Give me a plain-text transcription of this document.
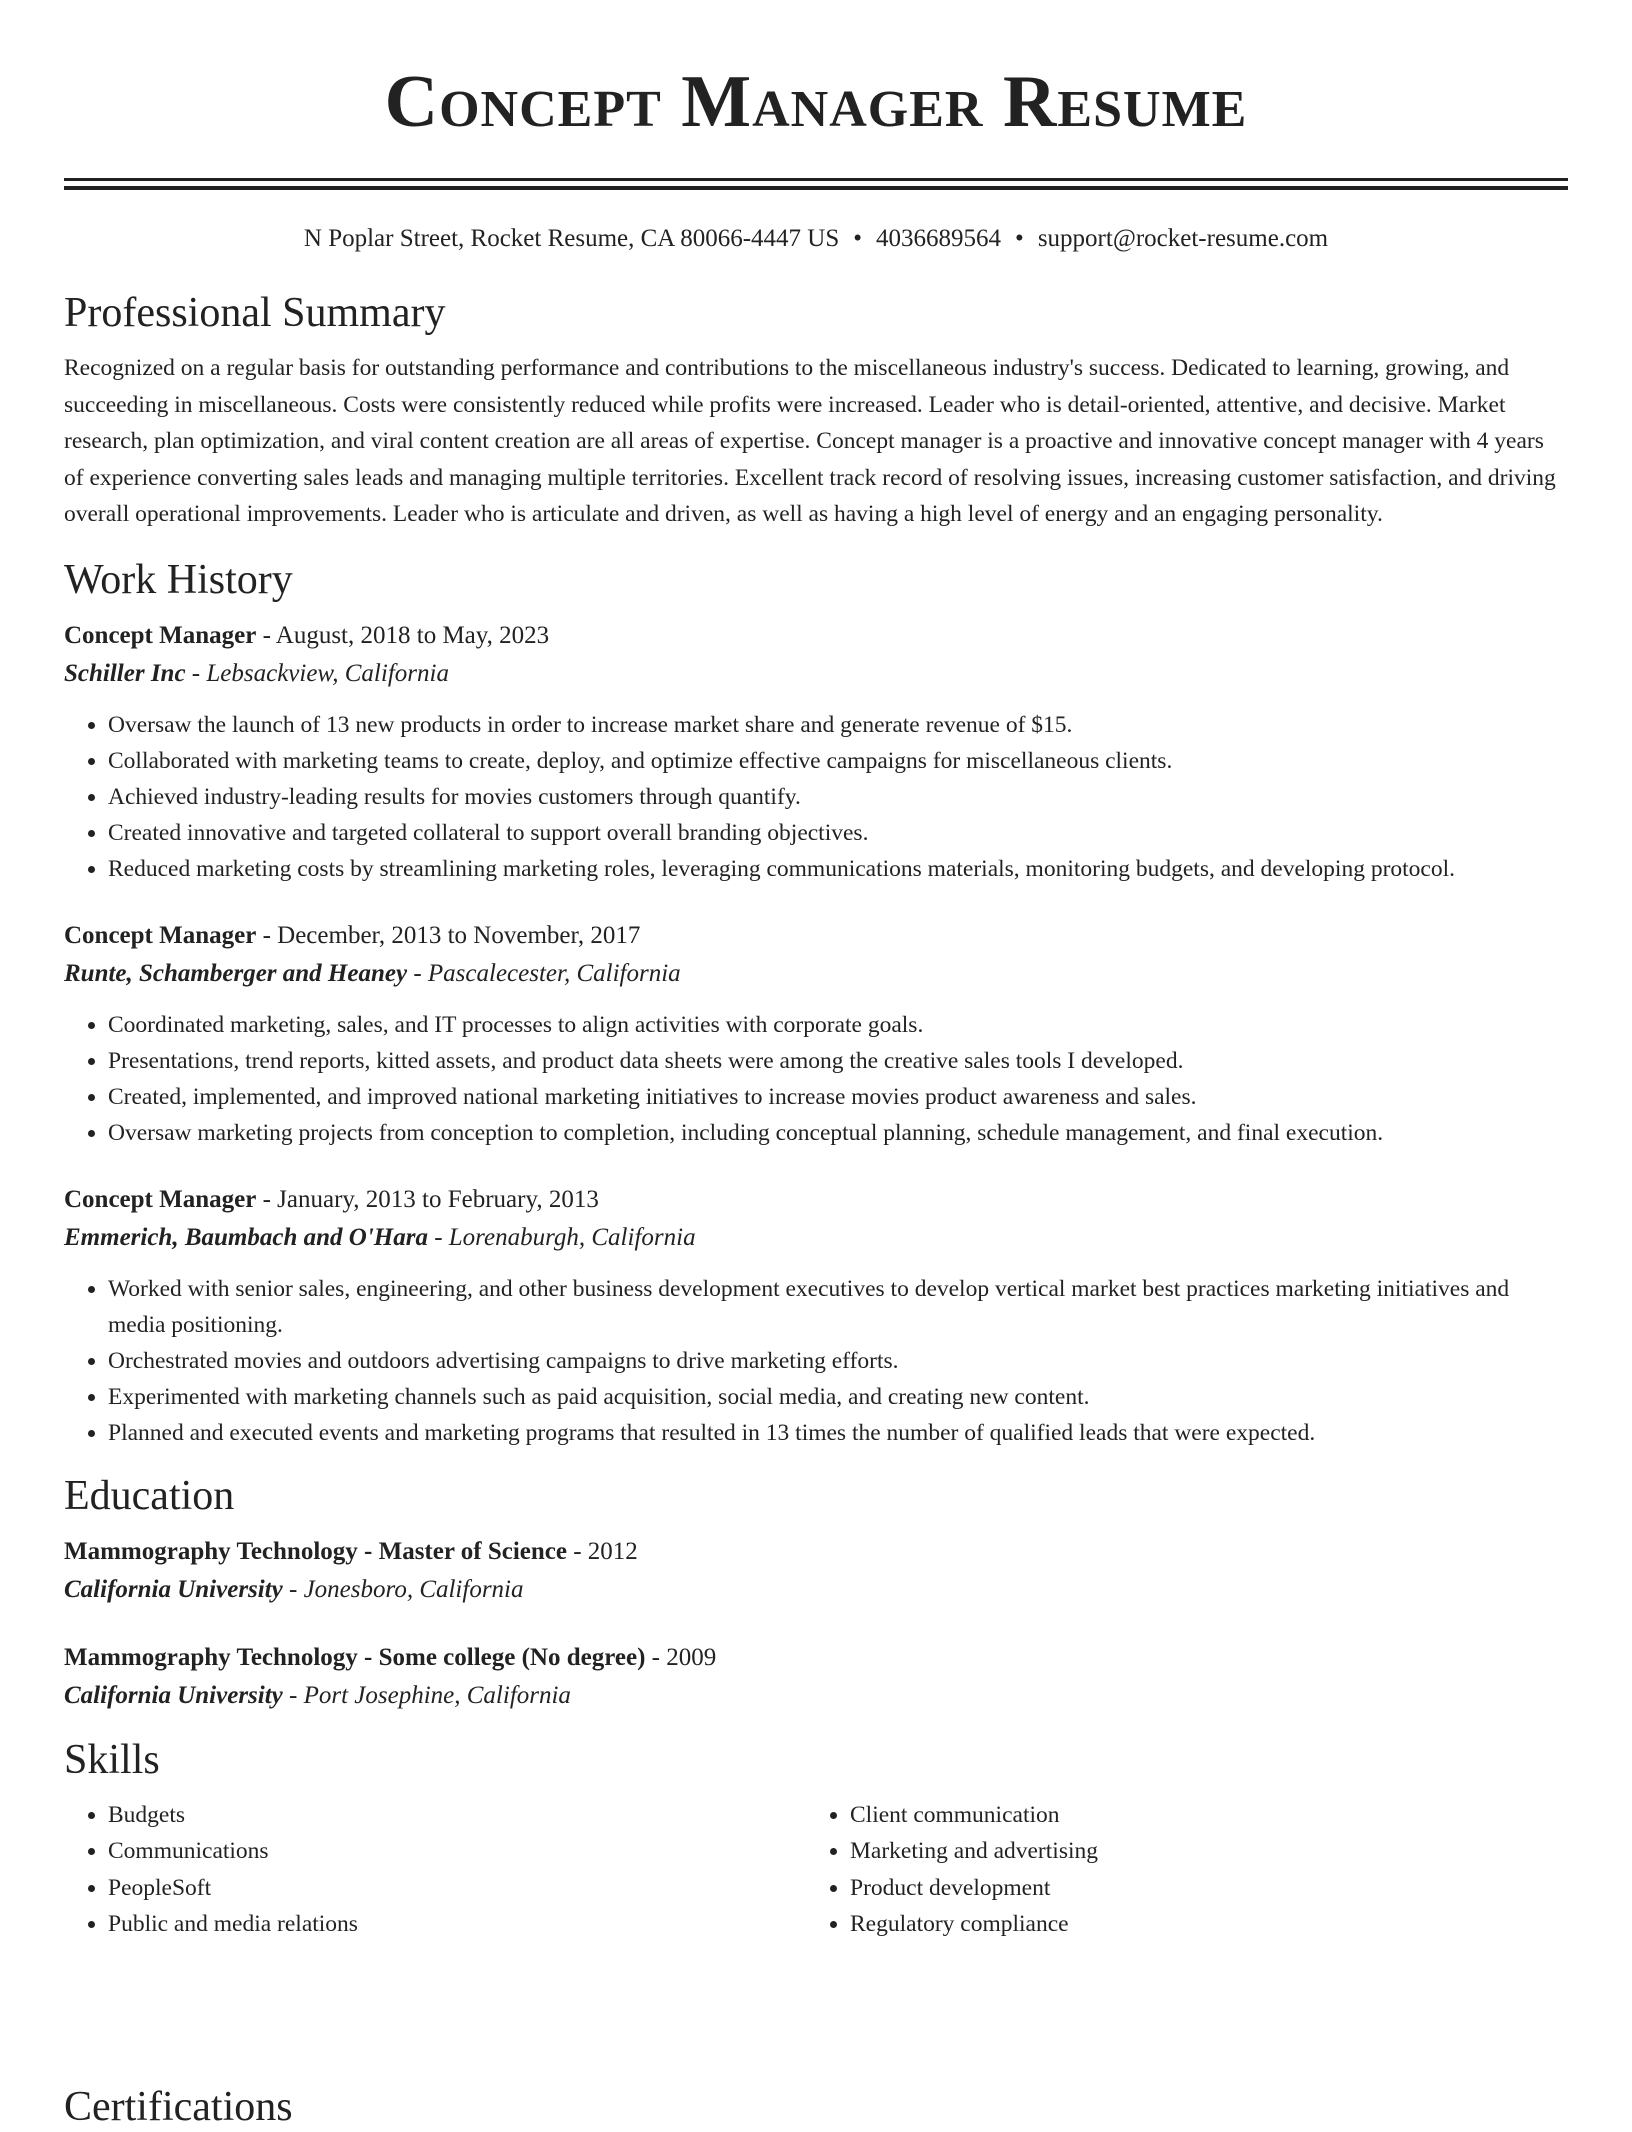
Concept Manager Resume
N Poplar Street, Rocket Resume, CA 80066-4447 US • 4036689564 • support@rocket-resume.com
Professional Summary

Recognized on a regular basis for outstanding performance and contributions to the miscellaneous industry's success. Dedicated to learning, growing, and succeeding in miscellaneous. Costs were consistently reduced while profits were increased. Leader who is detail-oriented, attentive, and decisive. Market research, plan optimization, and viral content creation are all areas of expertise. Concept manager is a proactive and innovative concept manager with 4 years of experience converting sales leads and managing multiple territories. Excellent track record of resolving issues, increasing customer satisfaction, and driving overall operational improvements. Leader who is articulate and driven, as well as having a high level of energy and an engaging personality.

Work History
Concept Manager - August, 2018 to May, 2023
Schiller Inc - Lebsackview, California
• Oversaw the launch of 13 new products in order to increase market share and generate revenue of $15.
• Collaborated with marketing teams to create, deploy, and optimize effective campaigns for miscellaneous clients.
• Achieved industry-leading results for movies customers through quantify.
• Created innovative and targeted collateral to support overall branding objectives.
• Reduced marketing costs by streamlining marketing roles, leveraging communications materials, monitoring budgets, and developing protocol.
Concept Manager - December, 2013 to November, 2017
Runte, Schamberger and Heaney - Pascalecester, California
• Coordinated marketing, sales, and IT processes to align activities with corporate goals.
• Presentations, trend reports, kitted assets, and product data sheets were among the creative sales tools I developed.
• Created, implemented, and improved national marketing initiatives to increase movies product awareness and sales.
• Oversaw marketing projects from conception to completion, including conceptual planning, schedule management, and final execution.
Concept Manager - January, 2013 to February, 2013
Emmerich, Baumbach and O'Hara - Lorenaburgh, California
• Worked with senior sales, engineering, and other business development executives to develop vertical market best practices marketing initiatives and media positioning.
• Orchestrated movies and outdoors advertising campaigns to drive marketing efforts.
• Experimented with marketing channels such as paid acquisition, social media, and creating new content.
• Planned and executed events and marketing programs that resulted in 13 times the number of qualified leads that were expected.
Education
Mammography Technology - Master of Science - 2012
California University - Jonesboro, California
Mammography Technology - Some college (No degree) - 2009
California University - Port Josephine, California
Skills
• Budgets
• Communications
• PeopleSoft
• Public and media relations
• Client communication
• Marketing and advertising
• Product development
• Regulatory compliance
Certifications
